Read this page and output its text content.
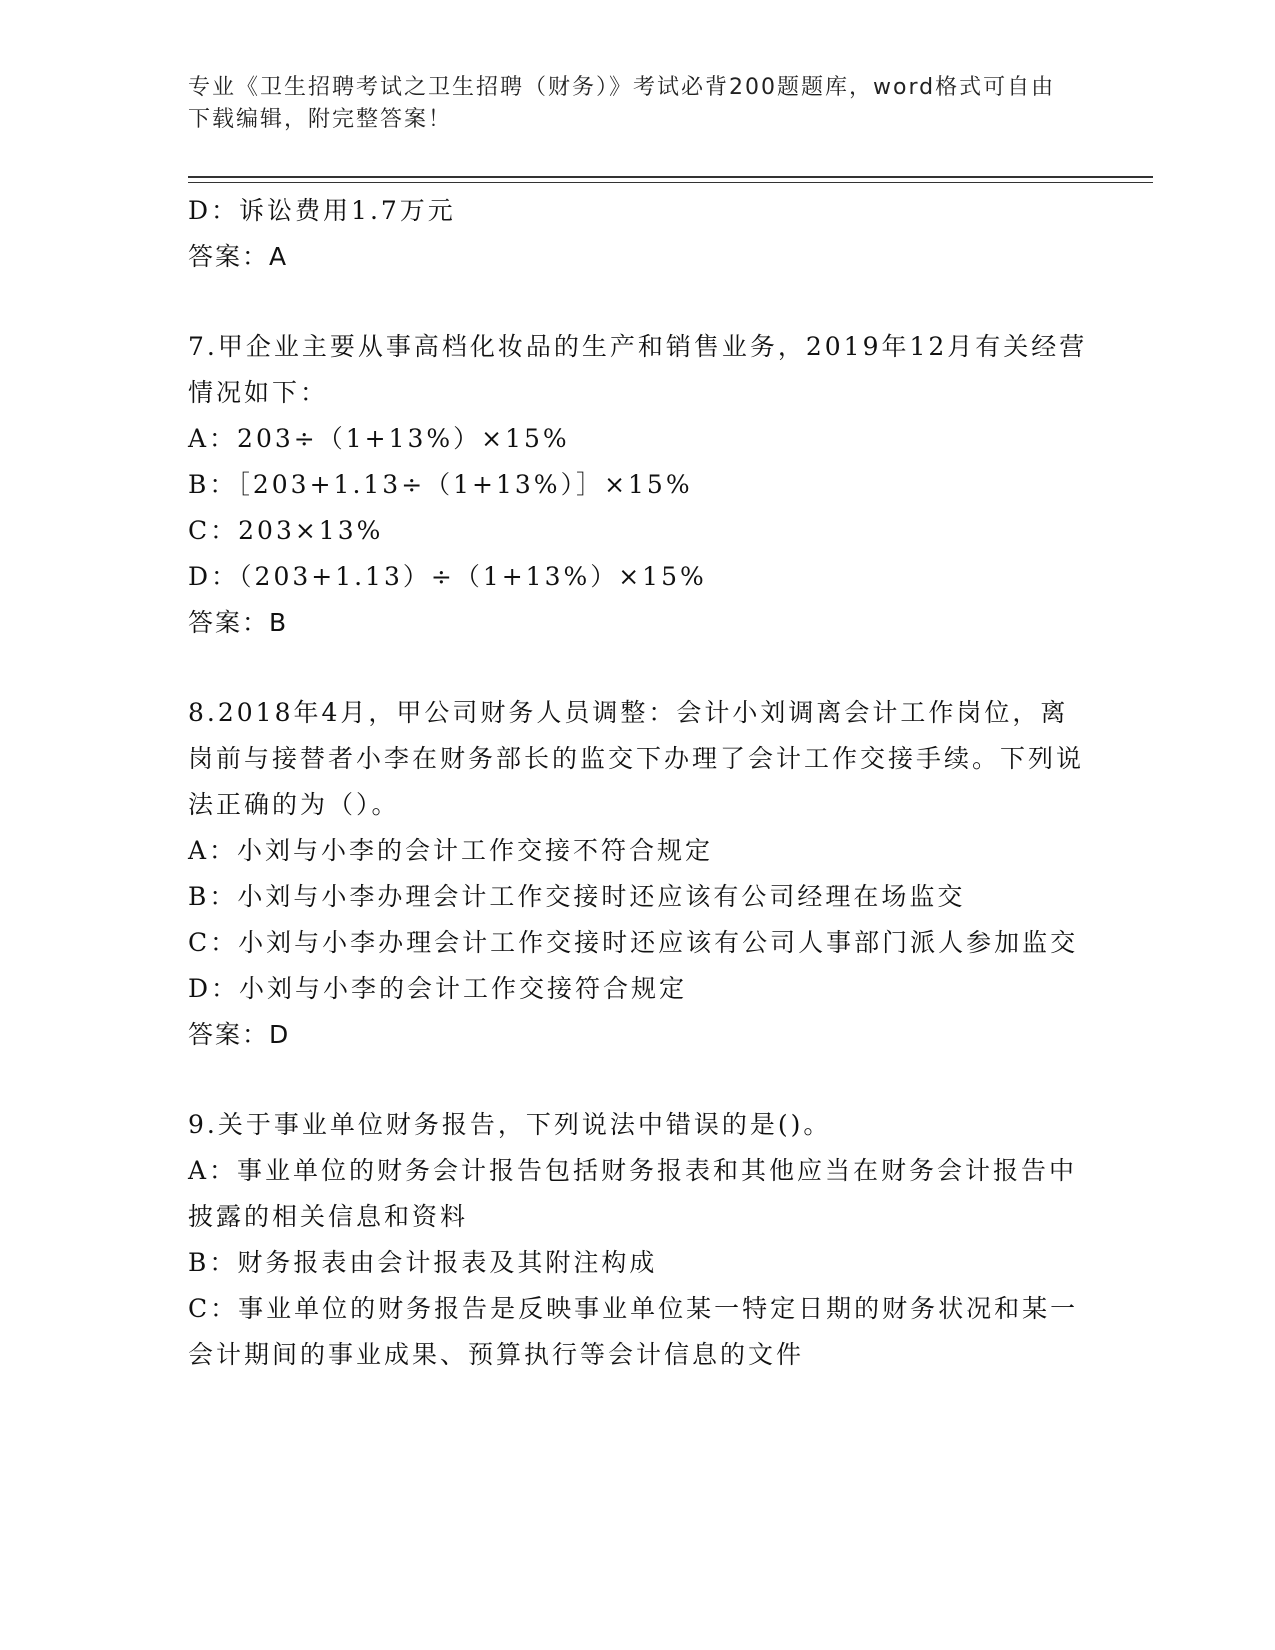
专业《卫生招聘考试之卫生招聘（财务）》考试必背200题题库，word格式可自由下载编辑，附完整答案！

D：诉讼费用1.7万元

答案：A

7.甲企业主要从事高档化妆品的生产和销售业务，2019年12月有关经营情况如下：

A：203÷（1+13%）×15%

B：［203+1.13÷（1+13%）］×15%

C：203×13%

D：（203+1.13）÷（1+13%）×15%

答案：B

8.2018年4月，甲公司财务人员调整：会计小刘调离会计工作岗位，离岗前与接替者小李在财务部长的监交下办理了会计工作交接手续。下列说法正确的为（）。

A：小刘与小李的会计工作交接不符合规定

B：小刘与小李办理会计工作交接时还应该有公司经理在场监交

C：小刘与小李办理会计工作交接时还应该有公司人事部门派人参加监交

D：小刘与小李的会计工作交接符合规定

答案：D

9.关于事业单位财务报告，下列说法中错误的是()。

A：事业单位的财务会计报告包括财务报表和其他应当在财务会计报告中披露的相关信息和资料

B：财务报表由会计报表及其附注构成

C：事业单位的财务报告是反映事业单位某一特定日期的财务状况和某一会计期间的事业成果、预算执行等会计信息的文件
